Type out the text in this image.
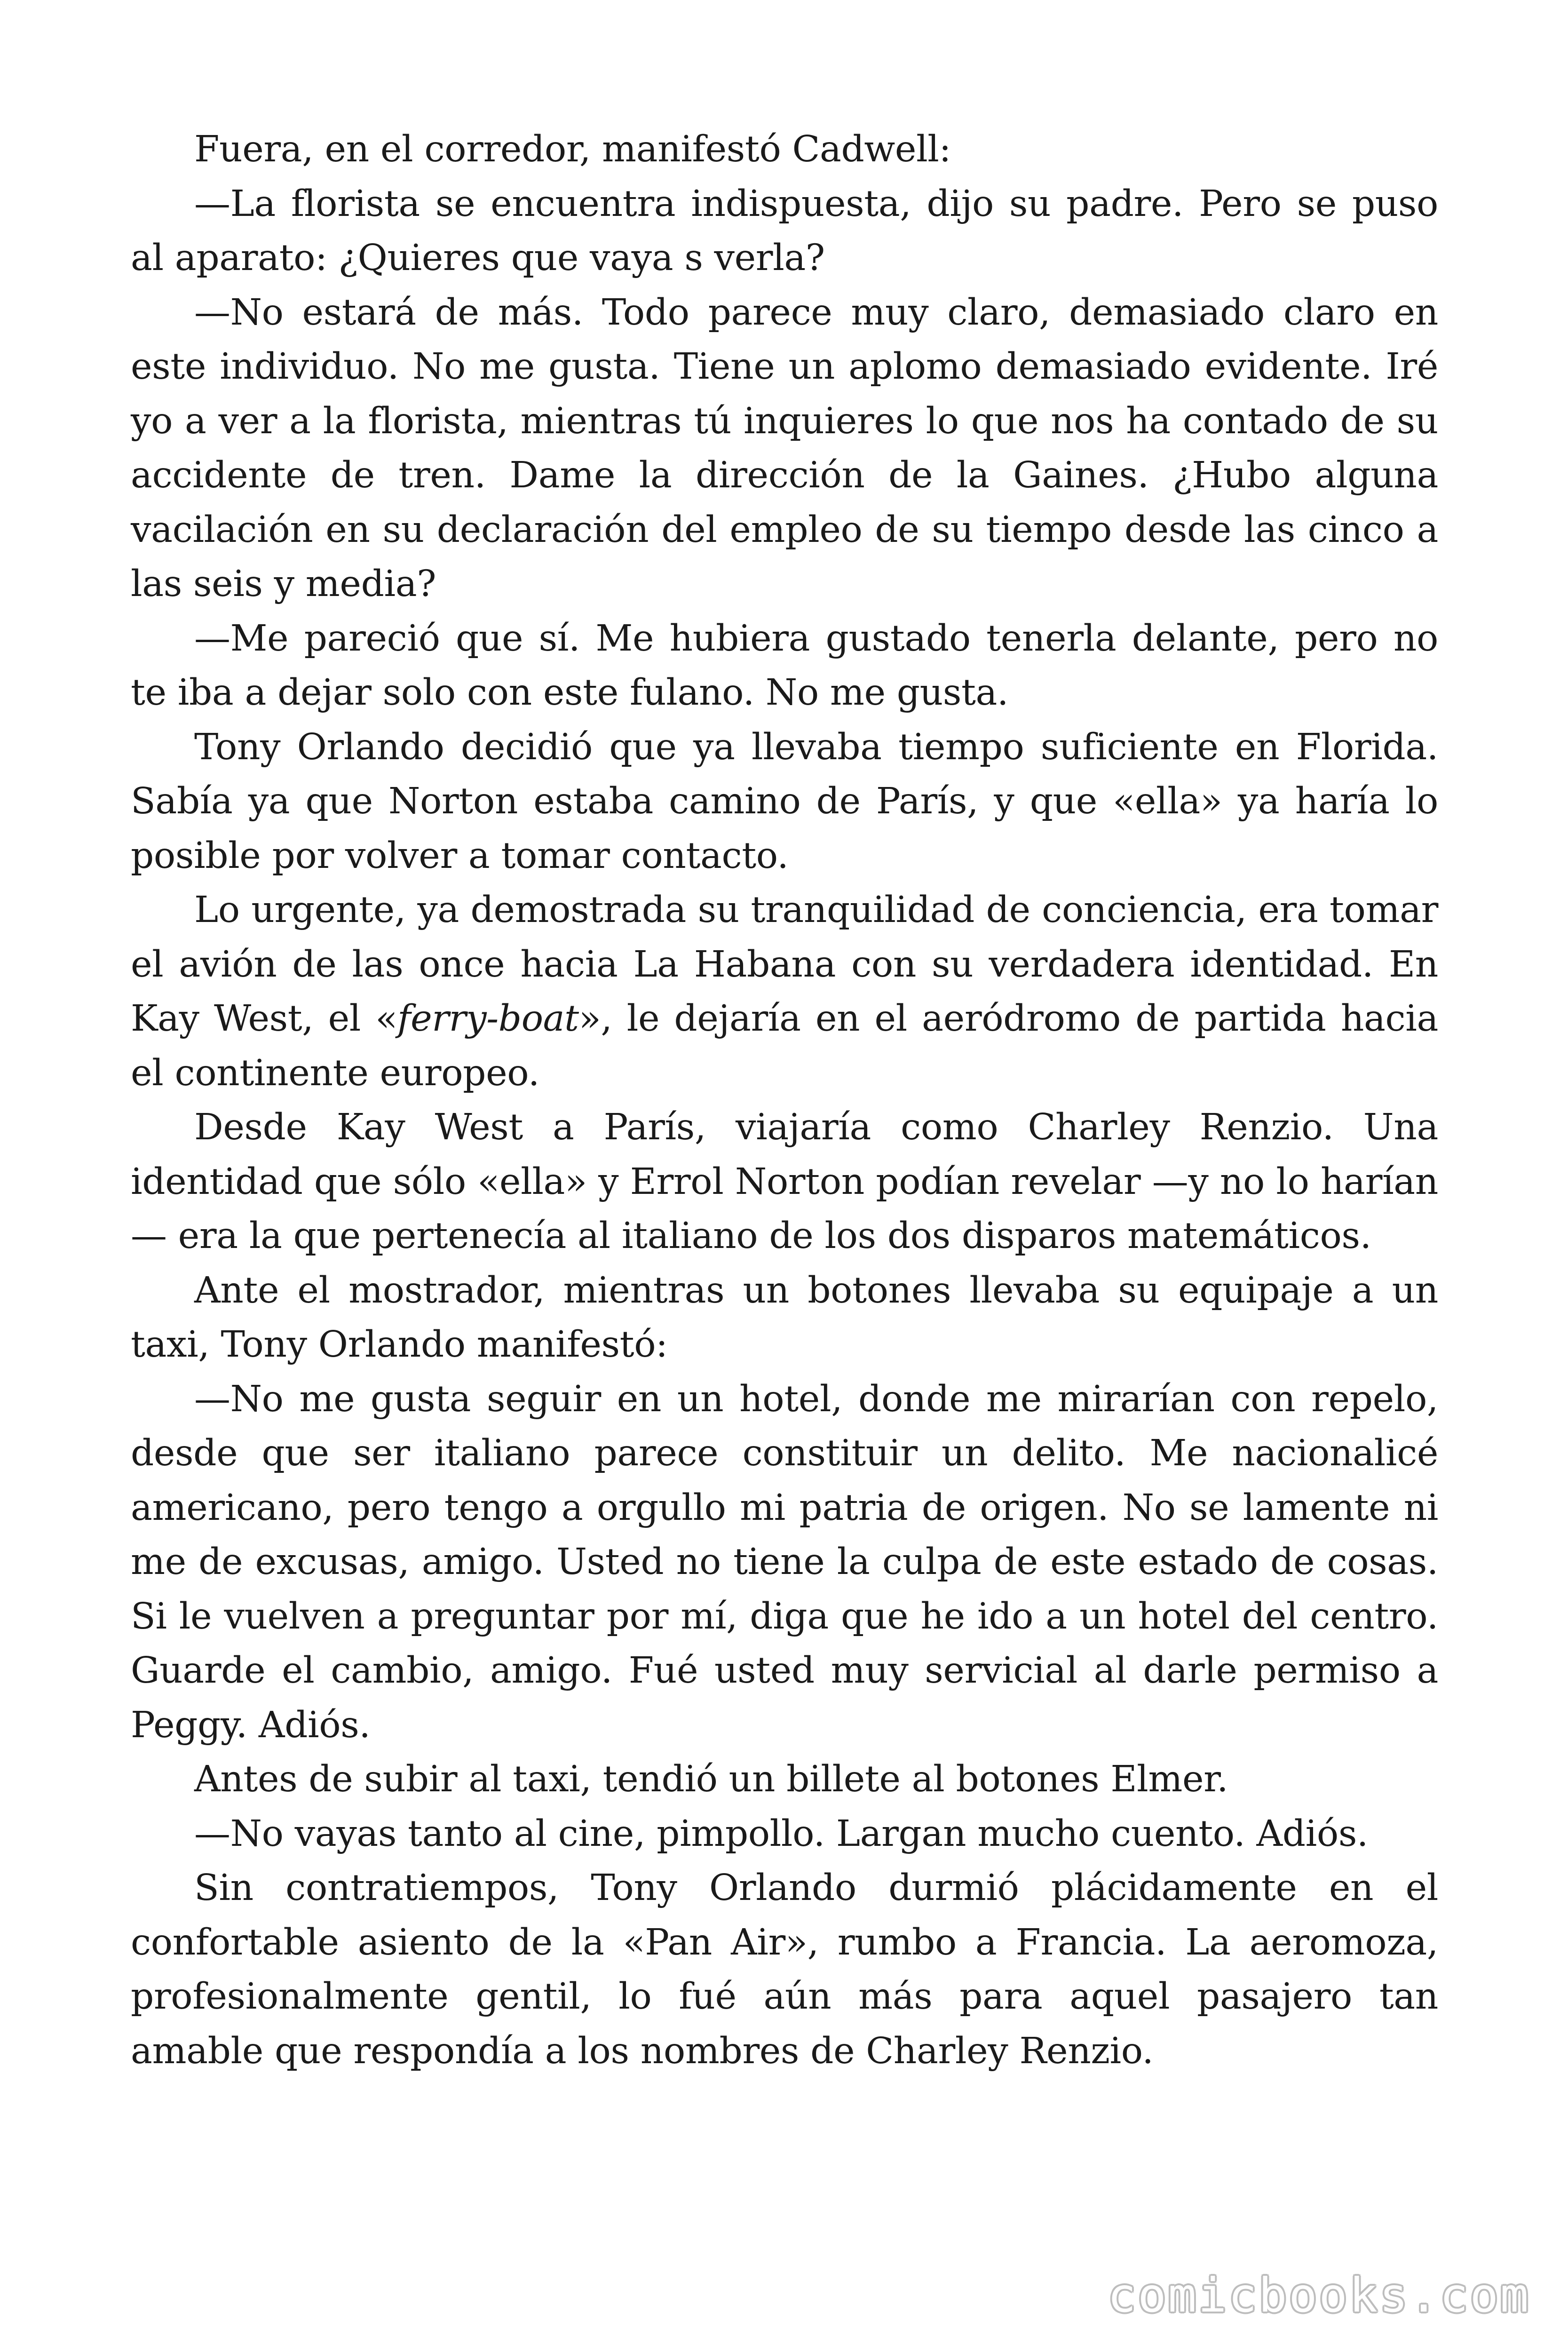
Fuera, en el corredor, manifestó Cadwell:

—La florista se encuentra indispuesta, dijo su padre. Pero se puso al aparato: ¿Quieres que vaya s verla?

—No estará de más. Todo parece muy claro, demasiado claro en este individuo. No me gusta. Tiene un aplomo demasiado evidente. Iré yo a ver a la florista, mientras tú inquieres lo que nos ha contado de su accidente de tren. Dame la dirección de la Gaines. ¿Hubo alguna vacilación en su declaración del empleo de su tiempo desde las cinco a las seis y media?

—Me pareció que sí. Me hubiera gustado tenerla delante, pero no te iba a dejar solo con este fulano. No me gusta.

Tony Orlando decidió que ya llevaba tiempo suficiente en Florida. Sabía ya que Norton estaba camino de París, y que «ella» ya haría lo posible por volver a tomar contacto.

Lo urgente, ya demostrada su tranquilidad de conciencia, era tomar el avión de las once hacia La Habana con su verdadera identidad. En Kay West, el «ferry-boat», le dejaría en el aeródromo de partida hacia el continente europeo.

Desde Kay West a París, viajaría como Charley Renzio. Una identidad que sólo «ella» y Errol Norton podían revelar —y no lo harían— era la que pertenecía al italiano de los dos disparos matemáticos.

Ante el mostrador, mientras un botones llevaba su equipaje a un taxi, Tony Orlando manifestó:

—No me gusta seguir en un hotel, donde me mirarían con repelo, desde que ser italiano parece constituir un delito. Me nacionalicé americano, pero tengo a orgullo mi patria de origen. No se lamente ni me de excusas, amigo. Usted no tiene la culpa de este estado de cosas. Si le vuelven a preguntar por mí, diga que he ido a un hotel del centro. Guarde el cambio, amigo. Fué usted muy servicial al darle permiso a Peggy. Adiós.

Antes de subir al taxi, tendió un billete al botones Elmer.

—No vayas tanto al cine, pimpollo. Largan mucho cuento. Adiós.

Sin contratiempos, Tony Orlando durmió plácidamente en el confortable asiento de la «Pan Air», rumbo a Francia. La aeromoza, profesionalmente gentil, lo fué aún más para aquel pasajero tan amable que respondía a los nombres de Charley Renzio.

comicbooks.com
